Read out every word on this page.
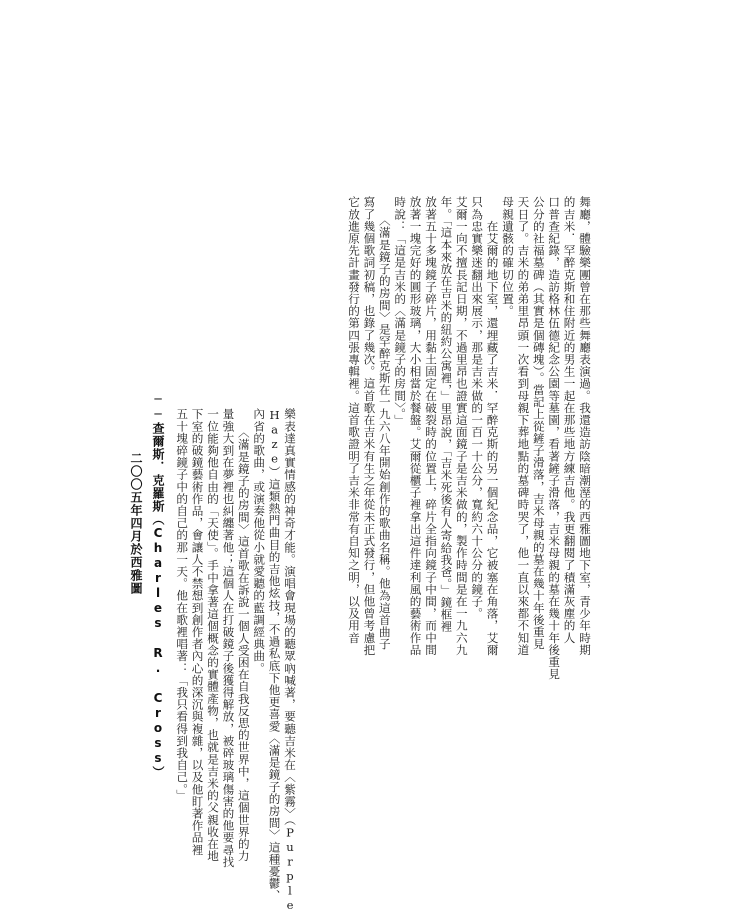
舞廳，體驗樂團曾在那些舞廳表演過。我還造訪陰暗潮溼的西雅圖地下室，青少年時期
的吉米．罕醉克斯和住附近的男生一起在那些地方練吉他。我更翻閱了積滿灰塵的人
口普查紀錄，造訪格林伍德紀念公園等墓園，看著鏟子滑落，吉米母親的墓在幾十年後重見
公分的社福墓碑（其實是個磚塊）。當記上從鏟子滑落，吉米母親的墓在幾十年後重見
天日了。吉米的弟弟里昂頭一次看到母親下葬地點的墓碑時哭了，他一直以來都不知道
母親遺骸的確切位置。
　　在艾爾的地下室，還埋藏了吉米．罕醉克斯的另一個紀念品，它被塞在角落，艾爾
只為忠實樂迷翻出來展示，那是吉米做的一百一十公分，寬約六十公分的鏡子。
艾爾一向不擅長記日期，不過里昂也證實這面鏡子是吉米做的，製作時間是在一九六九
年。「這本來放在吉米的紐約公寓裡，」里昂說，「吉米死後有人寄給我爸。」鏡框裡
放著五十多塊鏡子碎片，用黏土固定在破裂時的位置上，碎片全指向鏡子中間，而中間
放著一塊完好的圓形玻璃，大小相當於餐盤。艾爾從櫃子裡拿出這件達利風的藝術作品
時說：「這是吉米的〈滿是鏡子的房間〉。」
　　〈滿是鏡子的房間〉是罕醉克斯在一九六八年開始創作的歌曲名稱。他為這首曲子
寫了幾個歌詞初稿，也錄了幾次。這首歌在吉米有生之年從未正式發行，但他曾考慮把
它放進原先計畫發行的第四張專輯裡。這首歌證明了吉米非常有自知之明，以及用音
樂表達真實情感的神奇才能。演唱會現場的聽眾吶喊著，要聽吉米在〈紫霧〉（Purple
Haze）這類熱門曲目的吉他炫技，不過私底下他更喜愛〈滿是鏡子的房間〉這種憂鬱、
內省的歌曲，或演奏他從小就愛聽的藍調經典曲。
　　〈滿是鏡子的房間〉這首歌在訴說一個人受困在自我反思的世界中，這個世界的力
量強大到在夢裡也糾纏著他；這個人在打破鏡子後獲得解放，被碎玻璃傷害的他要尋找
一位能夠他自由的「天使」。手中拿著這個概念的實體產物，也就是吉米的父親收在地
下室的破鏡藝術作品，會讓人不禁想到創作者內心的深沉與複雜，以及他盯著作品裡
五十塊碎鏡子中的自己的那一天。他在歌裡唱著：「我只看得到我自己。」
──查爾斯．克羅斯（Charles R. Cross）
二〇〇五年四月於西雅圖
